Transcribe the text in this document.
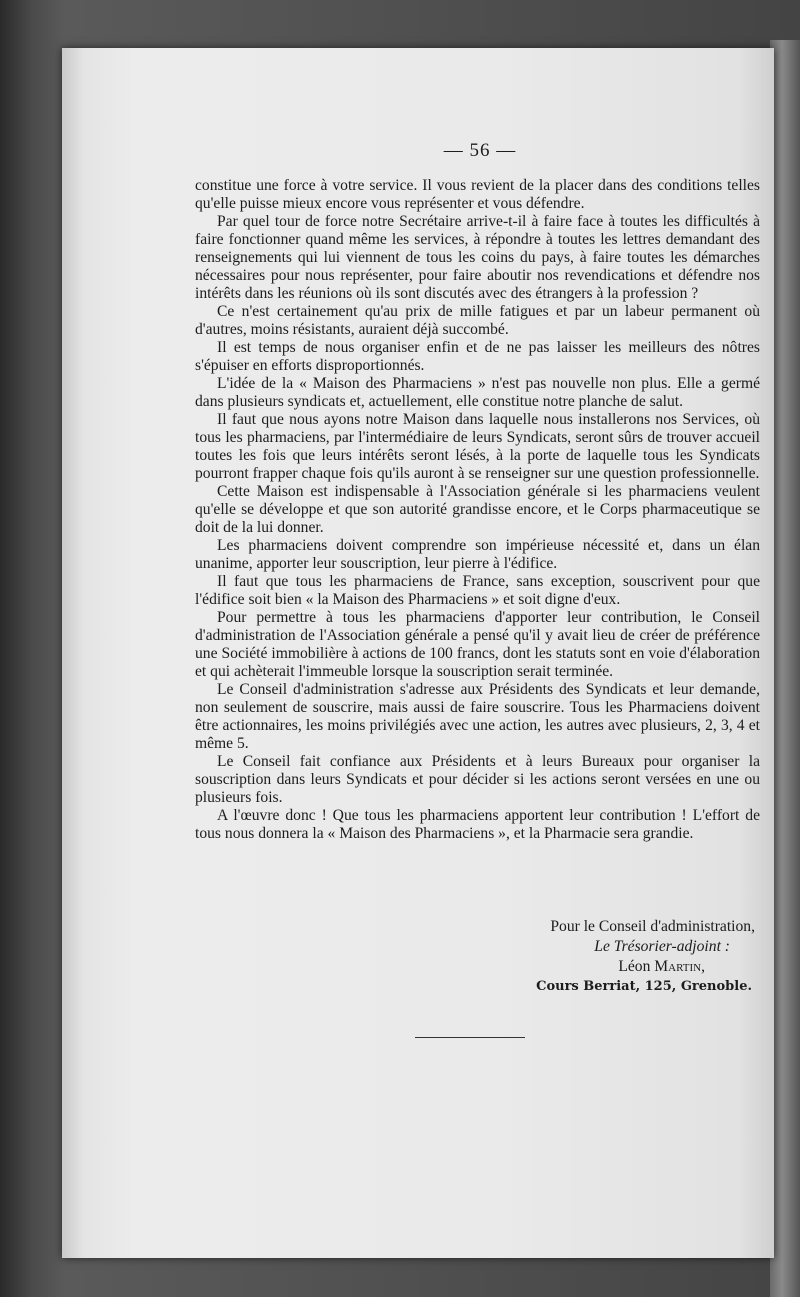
— 56 —

constitue une force à votre service. Il vous revient de la placer dans des conditions telles qu'elle puisse mieux encore vous représenter et vous défendre.

Par quel tour de force notre Secrétaire arrive-t-il à faire face à toutes les difficultés à faire fonctionner quand même les services, à répondre à toutes les lettres demandant des renseignements qui lui viennent de tous les coins du pays, à faire toutes les démarches nécessaires pour nous représenter, pour faire aboutir nos revendications et défendre nos intérêts dans les réunions où ils sont discutés avec des étrangers à la profession ?

Ce n'est certainement qu'au prix de mille fatigues et par un labeur permanent où d'autres, moins résistants, auraient déjà succombé.

Il est temps de nous organiser enfin et de ne pas laisser les meilleurs des nôtres s'épuiser en efforts disproportionnés.

L'idée de la « Maison des Pharmaciens » n'est pas nouvelle non plus. Elle a germé dans plusieurs syndicats et, actuellement, elle constitue notre planche de salut.

Il faut que nous ayons notre Maison dans laquelle nous installerons nos Services, où tous les pharmaciens, par l'intermédiaire de leurs Syndicats, seront sûrs de trouver accueil toutes les fois que leurs intérêts seront lésés, à la porte de laquelle tous les Syndicats pourront frapper chaque fois qu'ils auront à se renseigner sur une question professionnelle.

Cette Maison est indispensable à l'Association générale si les pharmaciens veulent qu'elle se développe et que son autorité grandisse encore, et le Corps pharmaceutique se doit de la lui donner.

Les pharmaciens doivent comprendre son impérieuse nécessité et, dans un élan unanime, apporter leur souscription, leur pierre à l'édifice.

Il faut que tous les pharmaciens de France, sans exception, souscrivent pour que l'édifice soit bien « la Maison des Pharmaciens » et soit digne d'eux.

Pour permettre à tous les pharmaciens d'apporter leur contribution, le Conseil d'administration de l'Association générale a pensé qu'il y avait lieu de créer de préférence une Société immobilière à actions de 100 francs, dont les statuts sont en voie d'élaboration et qui achèterait l'immeuble lorsque la souscription serait terminée.

Le Conseil d'administration s'adresse aux Présidents des Syndicats et leur demande, non seulement de souscrire, mais aussi de faire souscrire. Tous les Pharmaciens doivent être actionnaires, les moins privilégiés avec une action, les autres avec plusieurs, 2, 3, 4 et même 5.

Le Conseil fait confiance aux Présidents et à leurs Bureaux pour organiser la souscription dans leurs Syndicats et pour décider si les actions seront versées en une ou plusieurs fois.

A l'œuvre donc ! Que tous les pharmaciens apportent leur contribution ! L'effort de tous nous donnera la « Maison des Pharmaciens », et la Pharmacie sera grandie.

Pour le Conseil d'administration,
Le Trésorier-adjoint :
Léon Martin,
Cours Berriat, 125, Grenoble.
